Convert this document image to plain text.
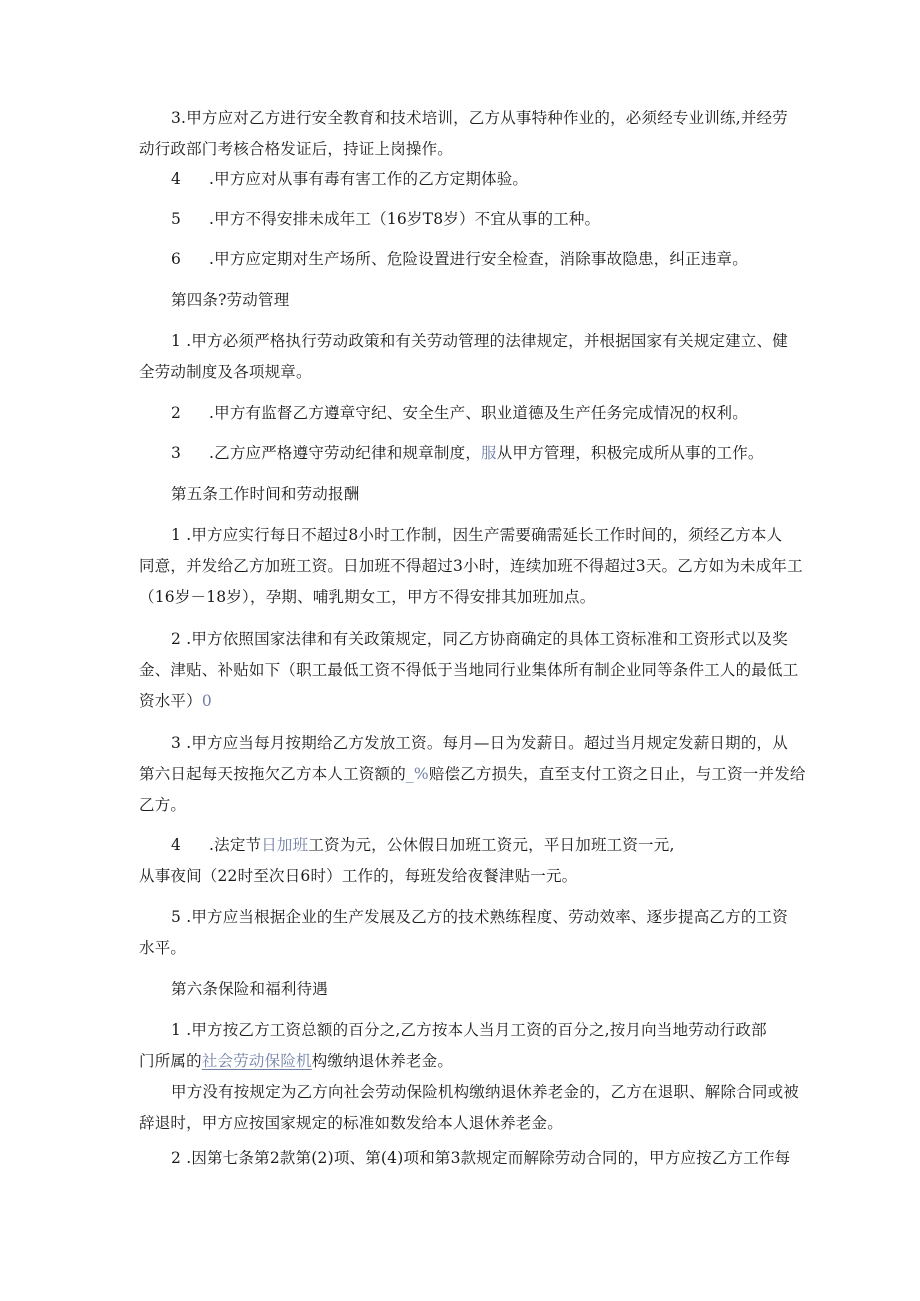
3.甲方应对乙方进行安全教育和技术培训，乙方从事特种作业的，必须经专业训练,并经劳
动行政部门考核合格发证后，持证上岗操作。
4 .甲方应对从事有毒有害工作的乙方定期体验。
5 .甲方不得安排未成年工（16岁T8岁）不宜从事的工种。
6 .甲方应定期对生产场所、危险设置进行安全检查，消除事故隐患，纠正违章。
第四条?劳动管理
1 .甲方必须严格执行劳动政策和有关劳动管理的法律规定，并根据国家有关规定建立、健
全劳动制度及各项规章。
2 .甲方有监督乙方遵章守纪、安全生产、职业道德及生产任务完成情况的权利。
3 .乙方应严格遵守劳动纪律和规章制度，服从甲方管理，积极完成所从事的工作。
第五条工作时间和劳动报酬
1 .甲方应实行每日不超过8小时工作制，因生产需要确需延长工作时间的，须经乙方本人
同意，并发给乙方加班工资。日加班不得超过3小时，连续加班不得超过3天。乙方如为未成年工
（16岁－18岁），孕期、哺乳期女工，甲方不得安排其加班加点。
2 .甲方依照国家法律和有关政策规定，同乙方协商确定的具体工资标准和工资形式以及奖
金、津贴、补贴如下（职工最低工资不得低于当地同行业集体所有制企业同等条件工人的最低工
资水平）0
3 .甲方应当每月按期给乙方发放工资。每月—日为发薪日。超过当月规定发薪日期的，从
第六日起每天按拖欠乙方本人工资额的_%赔偿乙方损失，直至支付工资之日止，与工资一并发给
乙方。
4 .法定节日加班工资为元，公休假日加班工资元，平日加班工资一元,
从事夜间（22时至次日6时）工作的，每班发给夜餐津贴一元。
5 .甲方应当根据企业的生产发展及乙方的技术熟练程度、劳动效率、逐步提高乙方的工资
水平。
第六条保险和福利待遇
1 .甲方按乙方工资总额的百分之,乙方按本人当月工资的百分之,按月向当地劳动行政部
门所属的社会劳动保险机构缴纳退休养老金。
甲方没有按规定为乙方向社会劳动保险机构缴纳退休养老金的，乙方在退职、解除合同或被
辞退时，甲方应按国家规定的标准如数发给本人退休养老金。
2 .因第七条第2款第(2)项、第(4)项和第3款规定而解除劳动合同的，甲方应按乙方工作每
